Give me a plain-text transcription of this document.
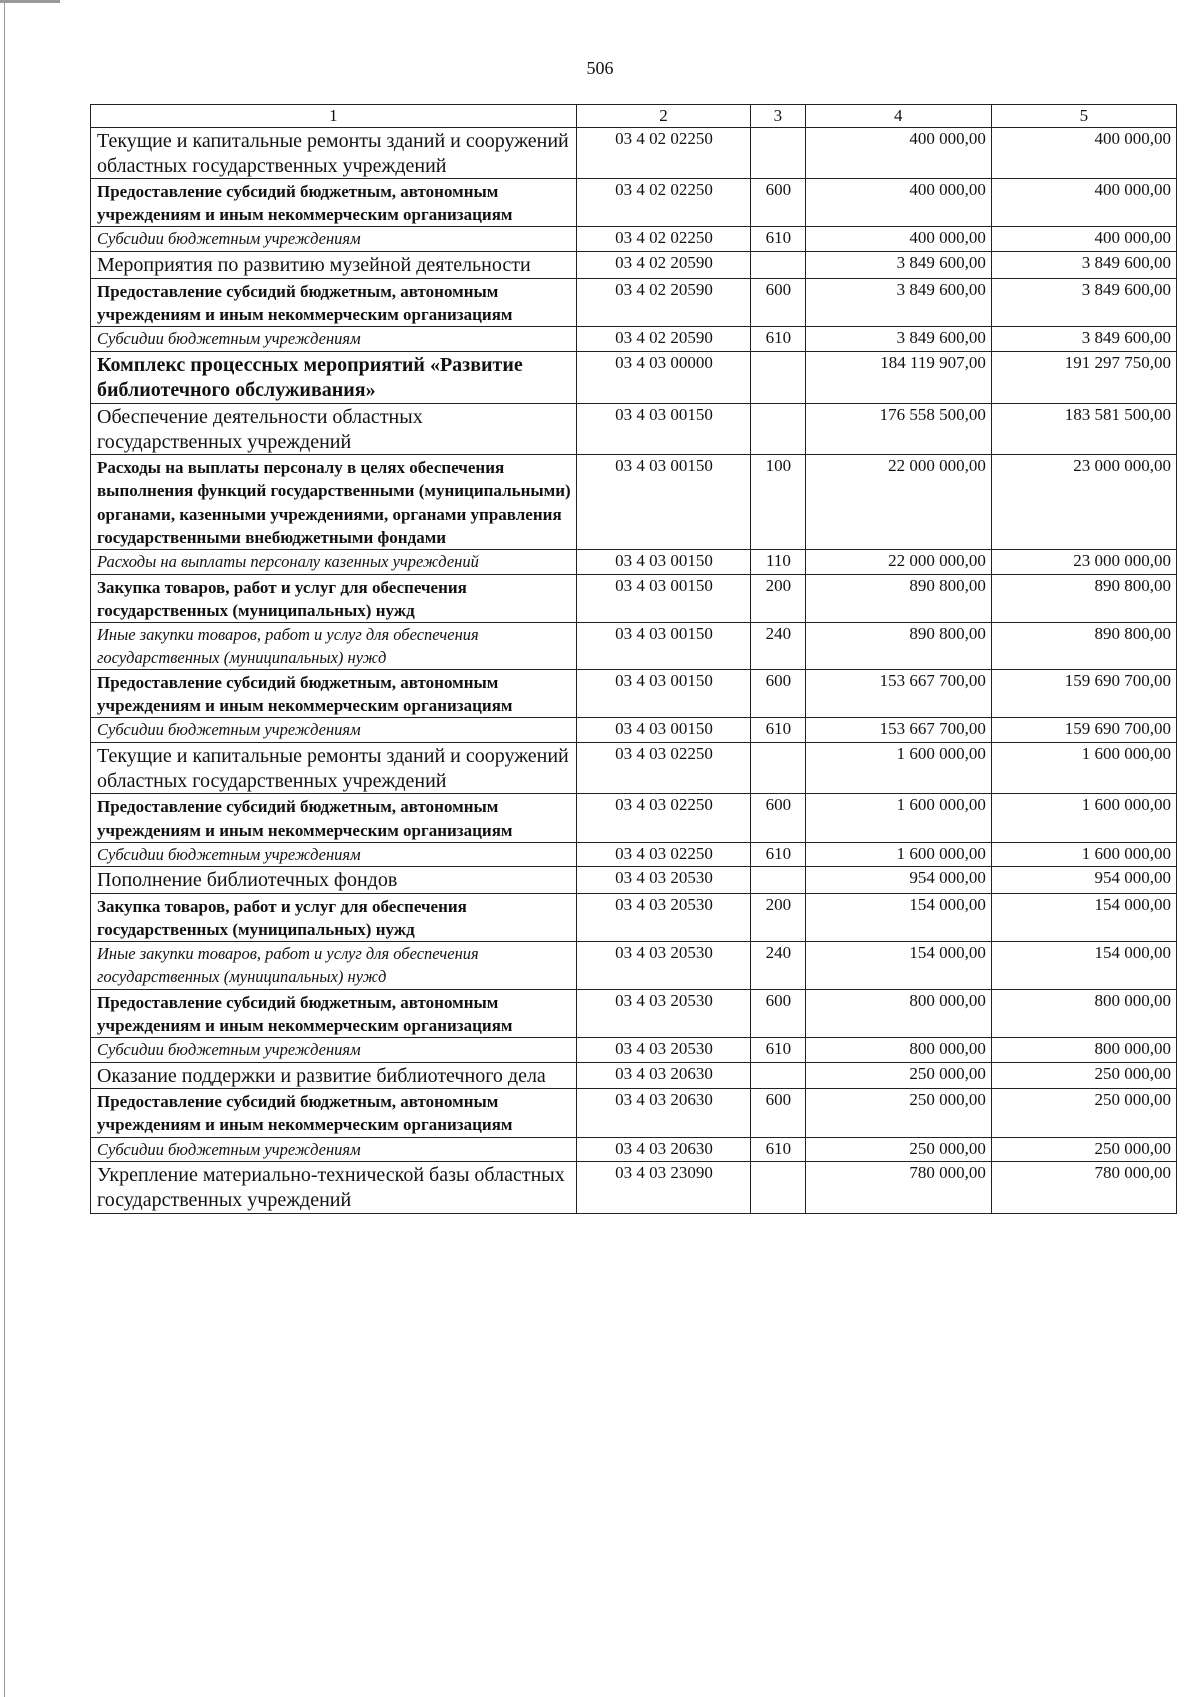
506
1	2	3	4	5
Текущие и капитальные ремонты зданий и сооружений областных государственных учреждений	03 4 02 02250		400 000,00	400 000,00
Предоставление субсидий бюджетным, автономным учреждениям и иным некоммерческим организациям	03 4 02 02250	600	400 000,00	400 000,00
Субсидии бюджетным учреждениям	03 4 02 02250	610	400 000,00	400 000,00
Мероприятия по развитию музейной деятельности	03 4 02 20590		3 849 600,00	3 849 600,00
Предоставление субсидий бюджетным, автономным учреждениям и иным некоммерческим организациям	03 4 02 20590	600	3 849 600,00	3 849 600,00
Субсидии бюджетным учреждениям	03 4 02 20590	610	3 849 600,00	3 849 600,00
Комплекс процессных мероприятий «Развитие библиотечного обслуживания»	03 4 03 00000		184 119 907,00	191 297 750,00
Обеспечение деятельности областных государственных учреждений	03 4 03 00150		176 558 500,00	183 581 500,00
Расходы на выплаты персоналу в целях обеспечения выполнения функций государственными (муниципальными) органами, казенными учреждениями, органами управления государственными внебюджетными фондами	03 4 03 00150	100	22 000 000,00	23 000 000,00
Расходы на выплаты персоналу казенных учреждений	03 4 03 00150	110	22 000 000,00	23 000 000,00
Закупка товаров, работ и услуг для обеспечения государственных (муниципальных) нужд	03 4 03 00150	200	890 800,00	890 800,00
Иные закупки товаров, работ и услуг для обеспечения государственных (муниципальных) нужд	03 4 03 00150	240	890 800,00	890 800,00
Предоставление субсидий бюджетным, автономным учреждениям и иным некоммерческим организациям	03 4 03 00150	600	153 667 700,00	159 690 700,00
Субсидии бюджетным учреждениям	03 4 03 00150	610	153 667 700,00	159 690 700,00
Текущие и капитальные ремонты зданий и сооружений областных государственных учреждений	03 4 03 02250		1 600 000,00	1 600 000,00
Предоставление субсидий бюджетным, автономным учреждениям и иным некоммерческим организациям	03 4 03 02250	600	1 600 000,00	1 600 000,00
Субсидии бюджетным учреждениям	03 4 03 02250	610	1 600 000,00	1 600 000,00
Пополнение библиотечных фондов	03 4 03 20530		954 000,00	954 000,00
Закупка товаров, работ и услуг для обеспечения государственных (муниципальных) нужд	03 4 03 20530	200	154 000,00	154 000,00
Иные закупки товаров, работ и услуг для обеспечения государственных (муниципальных) нужд	03 4 03 20530	240	154 000,00	154 000,00
Предоставление субсидий бюджетным, автономным учреждениям и иным некоммерческим организациям	03 4 03 20530	600	800 000,00	800 000,00
Субсидии бюджетным учреждениям	03 4 03 20530	610	800 000,00	800 000,00
Оказание поддержки и развитие библиотечного дела	03 4 03 20630		250 000,00	250 000,00
Предоставление субсидий бюджетным, автономным учреждениям и иным некоммерческим организациям	03 4 03 20630	600	250 000,00	250 000,00
Субсидии бюджетным учреждениям	03 4 03 20630	610	250 000,00	250 000,00
Укрепление материально-технической базы областных государственных учреждений	03 4 03 23090		780 000,00	780 000,00
